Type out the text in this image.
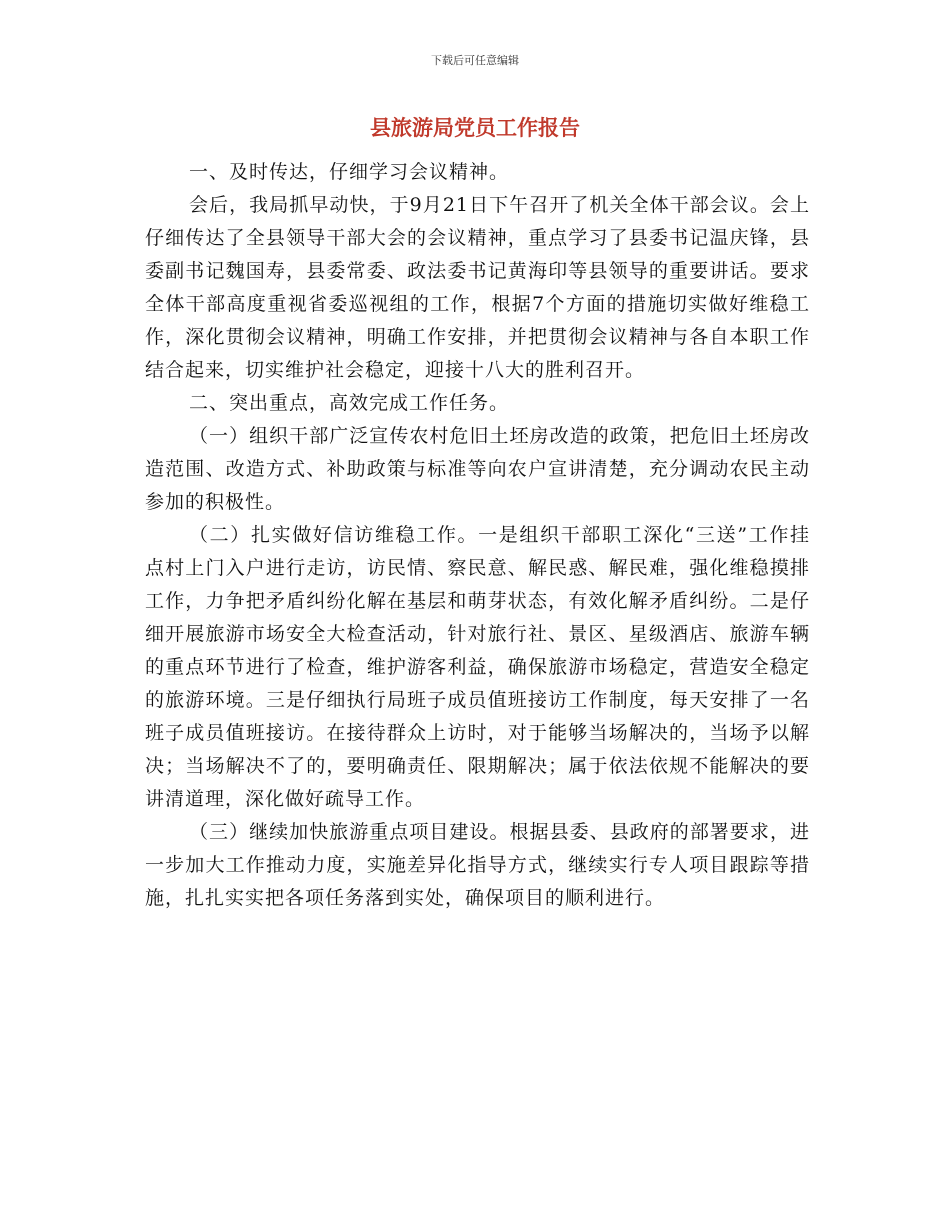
下载后可任意编辑
县旅游局党员工作报告

一、及时传达，仔细学习会议精神。

会后，我局抓早动快，于9月21日下午召开了机关全体干部会议。会上仔细传达了全县领导干部大会的会议精神，重点学习了县委书记温庆锋，县委副书记魏国寿，县委常委、政法委书记黄海印等县领导的重要讲话。要求全体干部高度重视省委巡视组的工作，根据7个方面的措施切实做好维稳工作，深化贯彻会议精神，明确工作安排，并把贯彻会议精神与各自本职工作结合起来，切实维护社会稳定，迎接十八大的胜利召开。

二、突出重点，高效完成工作任务。

（一）组织干部广泛宣传农村危旧土坯房改造的政策，把危旧土坯房改造范围、改造方式、补助政策与标准等向农户宣讲清楚，充分调动农民主动参加的积极性。

（二）扎实做好信访维稳工作。一是组织干部职工深化“三送”工作挂点村上门入户进行走访，访民情、察民意、解民惑、解民难，强化维稳摸排工作，力争把矛盾纠纷化解在基层和萌芽状态，有效化解矛盾纠纷。二是仔细开展旅游市场安全大检查活动，针对旅行社、景区、星级酒店、旅游车辆的重点环节进行了检查，维护游客利益，确保旅游市场稳定，营造安全稳定的旅游环境。三是仔细执行局班子成员值班接访工作制度，每天安排了一名班子成员值班接访。在接待群众上访时，对于能够当场解决的，当场予以解决；当场解决不了的，要明确责任、限期解决；属于依法依规不能解决的要讲清道理，深化做好疏导工作。

（三）继续加快旅游重点项目建设。根据县委、县政府的部署要求，进一步加大工作推动力度，实施差异化指导方式，继续实行专人项目跟踪等措施，扎扎实实把各项任务落到实处，确保项目的顺利进行。
